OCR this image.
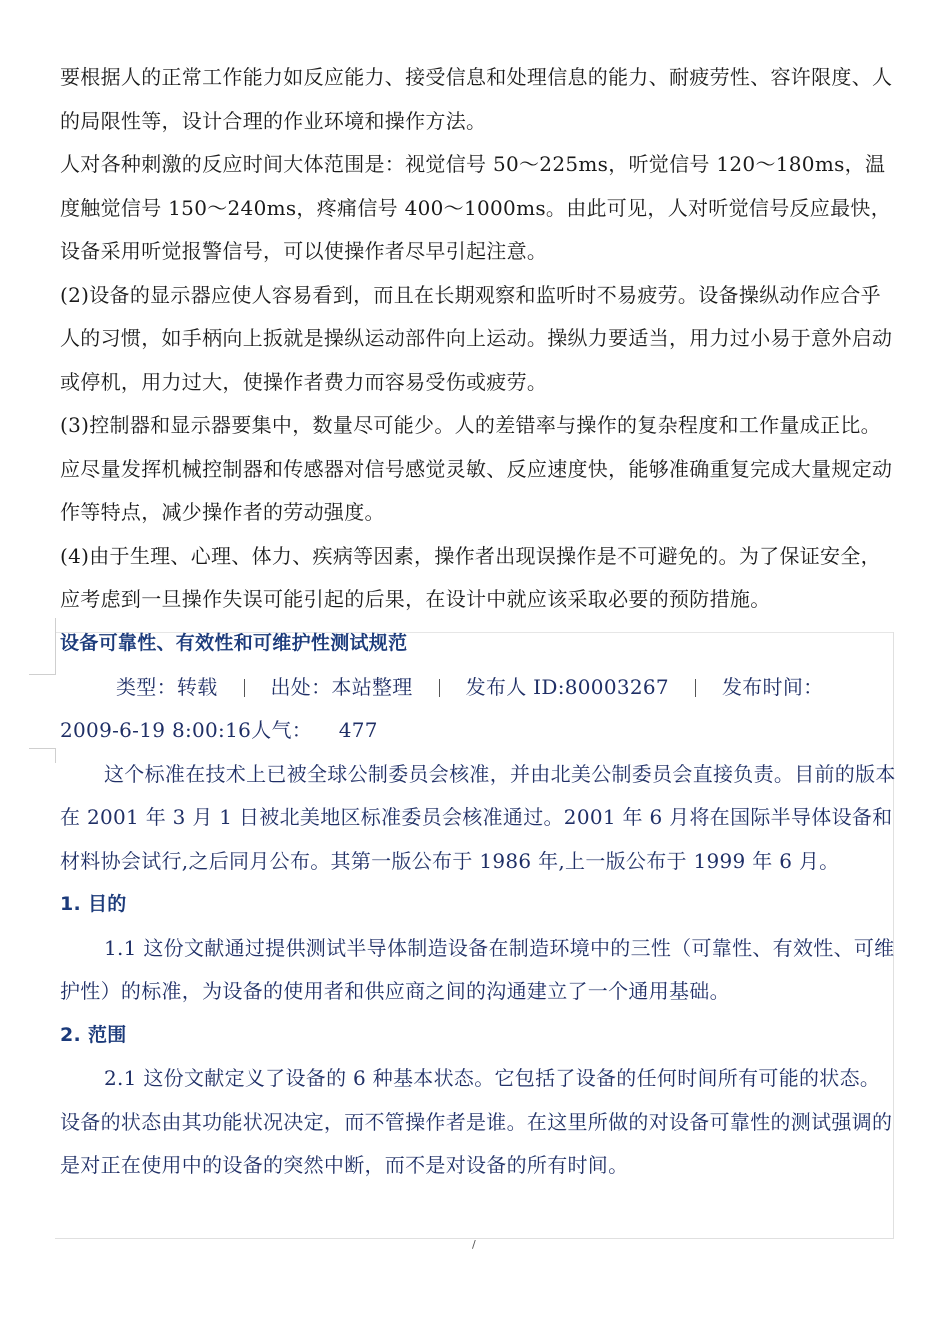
要根据人的正常工作能力如反应能力、接受信息和处理信息的能力、耐疲劳性、容许限度、人的局限性等，设计合理的作业环境和操作方法。

人对各种刺激的反应时间大体范围是：视觉信号 50～225ms，听觉信号 120～180ms，温度触觉信号 150～240ms，疼痛信号 400～1000ms。由此可见，人对听觉信号反应最快，设备采用听觉报警信号，可以使操作者尽早引起注意。

(2)设备的显示器应使人容易看到，而且在长期观察和监听时不易疲劳。设备操纵动作应合乎人的习惯，如手柄向上扳就是操纵运动部件向上运动。操纵力要适当，用力过小易于意外启动或停机，用力过大，使操作者费力而容易受伤或疲劳。

(3)控制器和显示器要集中，数量尽可能少。人的差错率与操作的复杂程度和工作量成正比。应尽量发挥机械控制器和传感器对信号感觉灵敏、反应速度快，能够准确重复完成大量规定动作等特点，减少操作者的劳动强度。

(4)由于生理、心理、体力、疾病等因素，操作者出现误操作是不可避免的。为了保证安全，应考虑到一旦操作失误可能引起的后果，在设计中就应该采取必要的预防措施。

设备可靠性、有效性和可维护性测试规范

类型：转载	出处：本站整理	发布人 ID:80003267	发布时间：

2009-6-19 8:00:16人气： 477

这个标准在技术上已被全球公制委员会核准，并由北美公制委员会直接负责。目前的版本在 2001 年 3 月 1 日被北美地区标准委员会核准通过。2001 年 6 月将在国际半导体设备和材料协会试行,之后同月公布。其第一版公布于 1986 年,上一版公布于 1999 年 6 月。

1. 目的

1.1 这份文献通过提供测试半导体制造设备在制造环境中的三性（可靠性、有效性、可维护性）的标准，为设备的使用者和供应商之间的沟通建立了一个通用基础。

2. 范围

2.1 这份文献定义了设备的 6 种基本状态。它包括了设备的任何时间所有可能的状态。设备的状态由其功能状况决定，而不管操作者是谁。在这里所做的对设备可靠性的测试强调的是对正在使用中的设备的突然中断，而不是对设备的所有时间。

/
